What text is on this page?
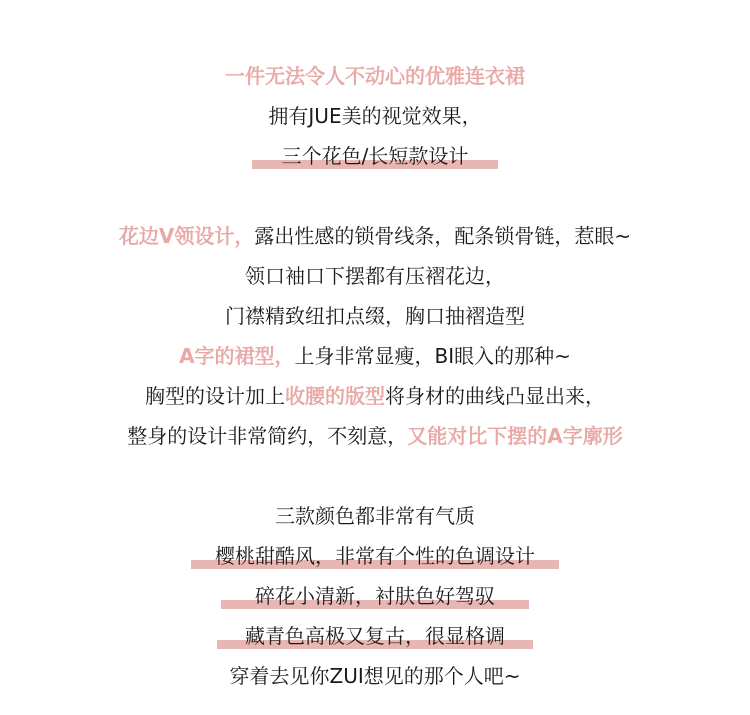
一件无法令人不动心的优雅连衣裙
拥有JUE美的视觉效果，
三个花色/长短款设计
花边V领设计，露出性感的锁骨线条，配条锁骨链，惹眼~
领口袖口下摆都有压褶花边，
门襟精致纽扣点缀，胸口抽褶造型
A字的裙型，上身非常显瘦，BI眼入的那种~
胸型的设计加上收腰的版型将身材的曲线凸显出来，
整身的设计非常简约，不刻意，又能对比下摆的A字廓形
三款颜色都非常有气质
樱桃甜酷风，非常有个性的色调设计
碎花小清新，衬肤色好驾驭
藏青色高极又复古，很显格调
穿着去见你ZUI想见的那个人吧~
